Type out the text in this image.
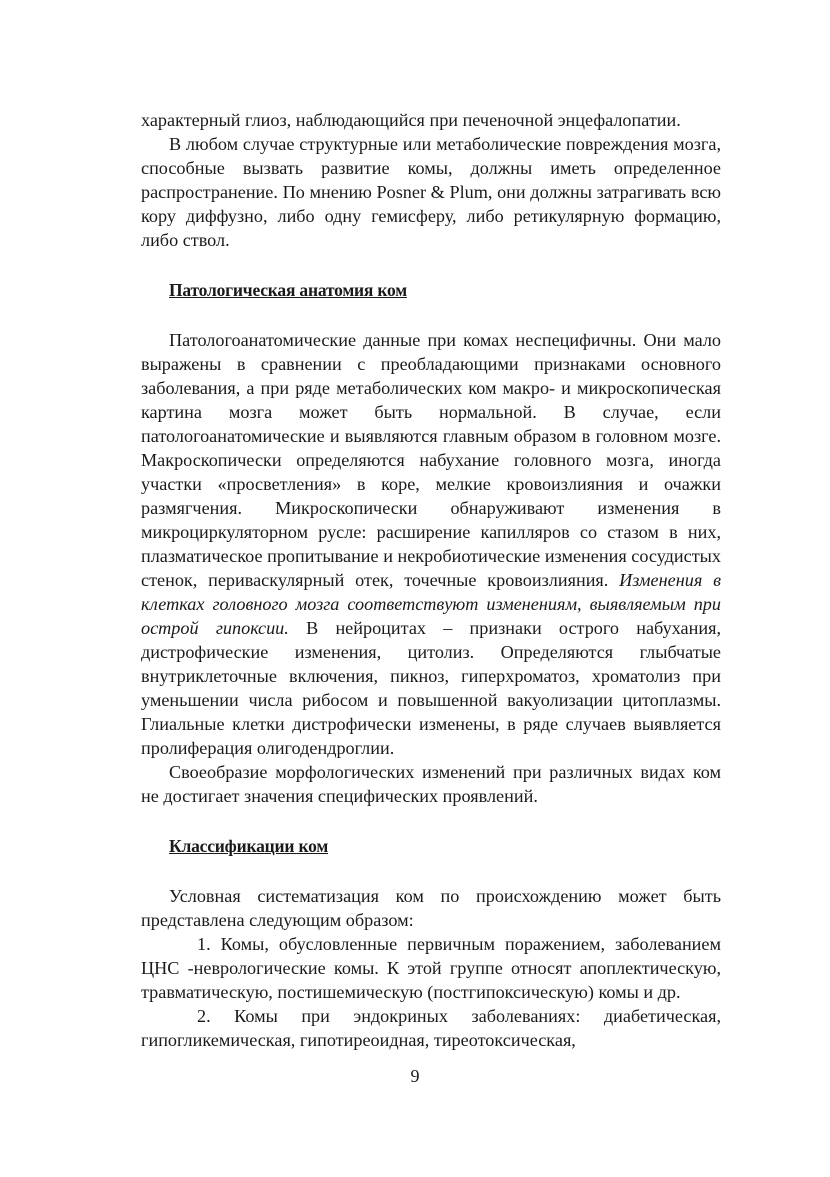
характерный глиоз, наблюдающийся при печеночной энцефалопатии.

В любом случае структурные или метаболические повреждения мозга, способные вызвать развитие комы, должны иметь определенное распространение. По мнению Posner & Plum, они должны затрагивать всю кору диффузно, либо одну гемисферу, либо ретикулярную формацию, либо ствол.

Патологическая анатомия ком

Патологоанатомические данные при комах неспецифичны. Они мало выражены в сравнении с преобладающими признаками основного заболевания, а при ряде метаболических ком макро- и микроскопическая картина мозга может быть нормальной. В случае, если патологоанатомические и выявляются главным образом в головном мозге. Макроскопически определяются набухание головного мозга, иногда участки «просветления» в коре, мелкие кровоизлияния и очажки размягчения. Микроскопически обнаруживают изменения в микроциркуляторном русле: расширение капилляров со стазом в них, плазматическое пропитывание и некробиотические изменения сосудистых стенок, периваскулярный отек, точечные кровоизлияния. Изменения в клетках головного мозга соответствуют изменениям, выявляемым при острой гипоксии. В нейроцитах – признаки острого набухания, дистрофические изменения, цитолиз. Определяются глыбчатые внутриклеточные включения, пикноз, гиперхроматоз, хроматолиз при уменьшении числа рибосом и повышенной вакуолизации цитоплазмы. Глиальные клетки дистрофически изменены, в ряде случаев выявляется пролиферация олигодендроглии.

Своеобразие морфологических изменений при различных видах ком не достигает значения специфических проявлений.

Классификации ком

Условная систематизация ком по происхождению может быть представлена следующим образом:

1. Комы, обусловленные первичным поражением, заболеванием ЦНС -неврологические комы. К этой группе относят апоплектическую, травматическую, постишемическую (постгипоксическую) комы и др.

2. Комы при эндокриных заболеваниях: диабетическая, гипогликемическая, гипотиреоидная, тиреотоксическая,

9
